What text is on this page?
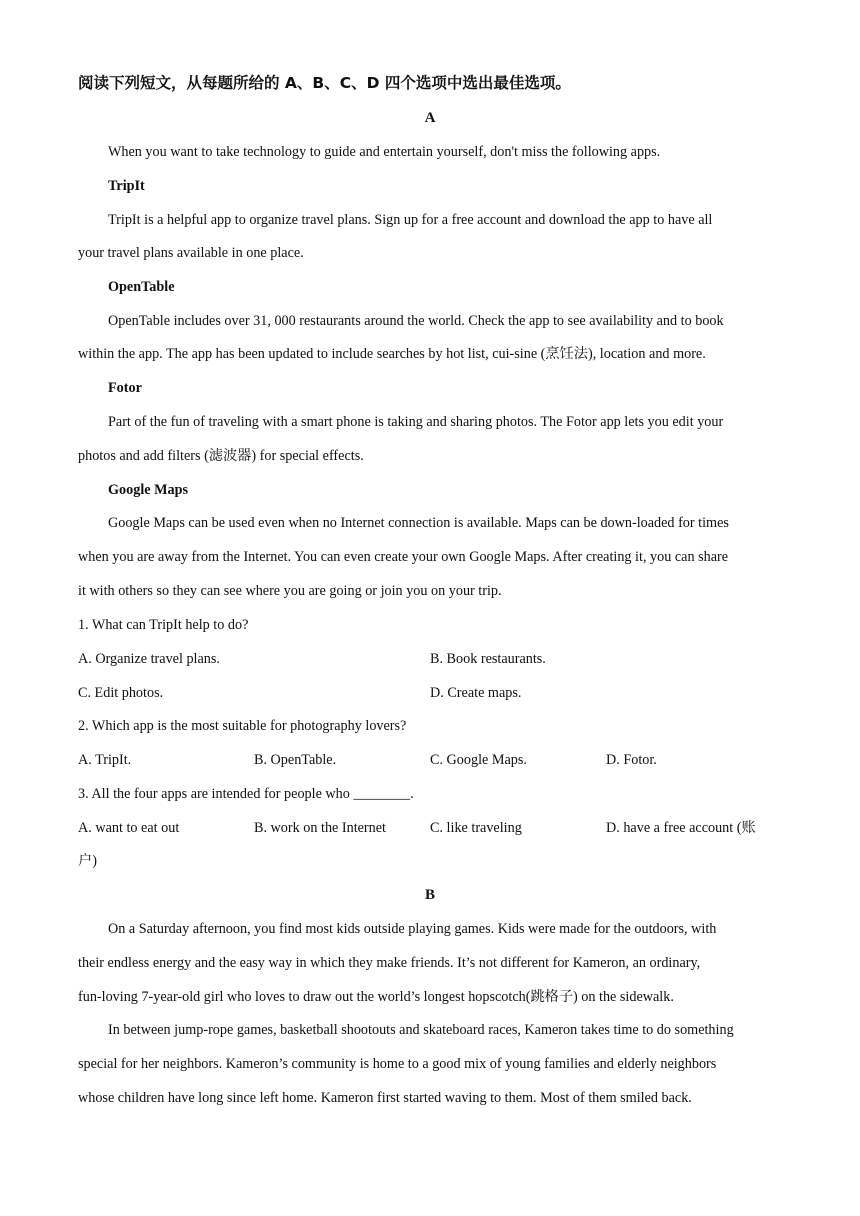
阅读下列短文，从每题所给的 A、B、C、D 四个选项中选出最佳选项。
A
When you want to take technology to guide and entertain yourself, don't miss the following apps.
TripIt
TripIt is a helpful app to organize travel plans. Sign up for a free account and download the app to have all
your travel plans available in one place.
OpenTable
OpenTable includes over 31, 000 restaurants around the world. Check the app to see availability and to book
within the app. The app has been updated to include searches by hot list, cui-sine (烹饪法), location and more.
Fotor
Part of the fun of traveling with a smart phone is taking and sharing photos. The Fotor app lets you edit your
photos and add filters (滤波器) for special effects.
Google Maps
Google Maps can be used even when no Internet connection is available. Maps can be down-loaded for times
when you are away from the Internet. You can even create your own Google Maps. After creating it, you can share
it with others so they can see where you are going or join you on your trip.
1. What can TripIt help to do?
A. Organize travel plans.	B. Book restaurants.
C. Edit photos.	D. Create maps.
2. Which app is the most suitable for photography lovers?
A. TripIt.	B. OpenTable.	C. Google Maps.	D. Fotor.
3. All the four apps are intended for people who ________.
A. want to eat out	B. work on the Internet	C. like traveling	D. have a free account (账
户)
B
On a Saturday afternoon, you find most kids outside playing games. Kids were made for the outdoors, with
their endless energy and the easy way in which they make friends. It’s not different for Kameron, an ordinary,
fun-loving 7-year-old girl who loves to draw out the world’s longest hopscotch(跳格子) on the sidewalk.
In between jump-rope games, basketball shootouts and skateboard races, Kameron takes time to do something
special for her neighbors. Kameron’s community is home to a good mix of young families and elderly neighbors
whose children have long since left home. Kameron first started waving to them. Most of them smiled back.
